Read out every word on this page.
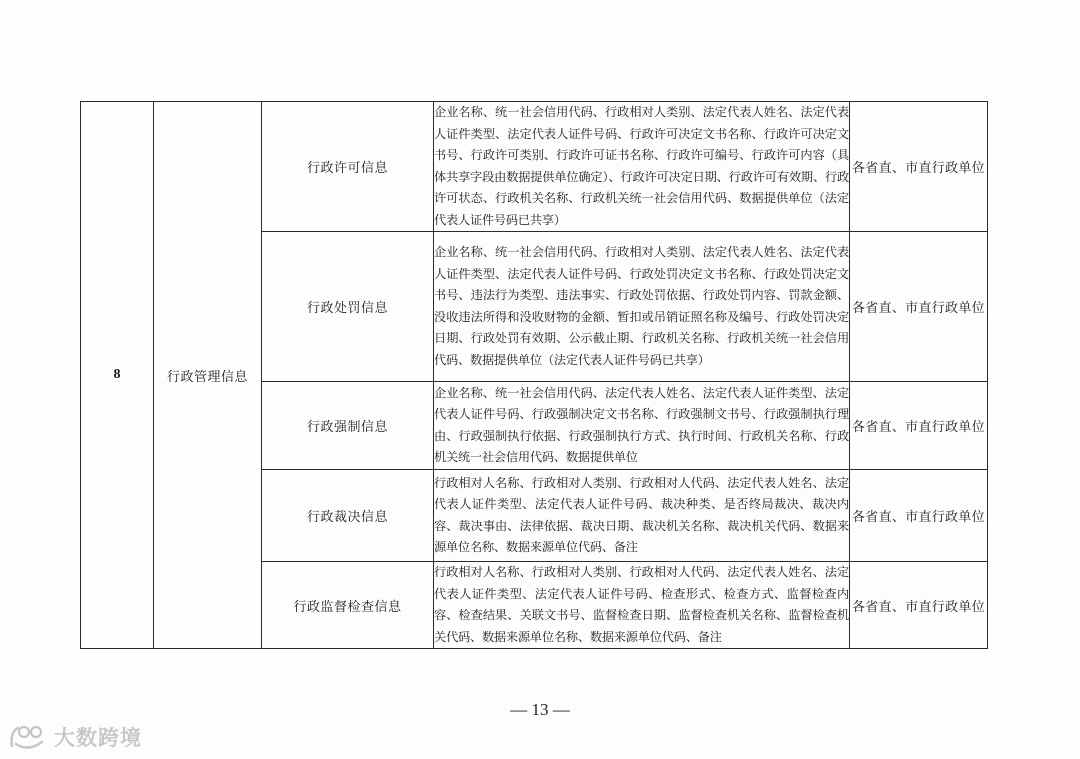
8	行政管理信息	行政许可信息	企业名称、统一社会信用代码、行政相对人类别、法定代表人姓名、法定代表人证件类型、法定代表人证件号码、行政许可决定文书名称、行政许可决定文书号、行政许可类别、行政许可证书名称、行政许可编号、行政许可内容（具体共享字段由数据提供单位确定）、行政许可决定日期、行政许可有效期、行政许可状态、行政机关名称、行政机关统一社会信用代码、数据提供单位（法定代表人证件号码已共享）	各省直、市直行政单位
		行政处罚信息	企业名称、统一社会信用代码、行政相对人类别、法定代表人姓名、法定代表人证件类型、法定代表人证件号码、行政处罚决定文书名称、行政处罚决定文书号、违法行为类型、违法事实、行政处罚依据、行政处罚内容、罚款金额、没收违法所得和没收财物的金额、暂扣或吊销证照名称及编号、行政处罚决定日期、行政处罚有效期、公示截止期、行政机关名称、行政机关统一社会信用代码、数据提供单位（法定代表人证件号码已共享）	各省直、市直行政单位
		行政强制信息	企业名称、统一社会信用代码、法定代表人姓名、法定代表人证件类型、法定代表人证件号码、行政强制决定文书名称、行政强制文书号、行政强制执行理由、行政强制执行依据、行政强制执行方式、执行时间、行政机关名称、行政机关统一社会信用代码、数据提供单位	各省直、市直行政单位
		行政裁决信息	行政相对人名称、行政相对人类别、行政相对人代码、法定代表人姓名、法定代表人证件类型、法定代表人证件号码、裁决种类、是否终局裁决、裁决内容、裁决事由、法律依据、裁决日期、裁决机关名称、裁决机关代码、数据来源单位名称、数据来源单位代码、备注	各省直、市直行政单位
		行政监督检查信息	行政相对人名称、行政相对人类别、行政相对人代码、法定代表人姓名、法定代表人证件类型、法定代表人证件号码、检查形式、检查方式、监督检查内容、检查结果、关联文书号、监督检查日期、监督检查机关名称、监督检查机关代码、数据来源单位名称、数据来源单位代码、备注	各省直、市直行政单位
— 13 —
大数跨境
